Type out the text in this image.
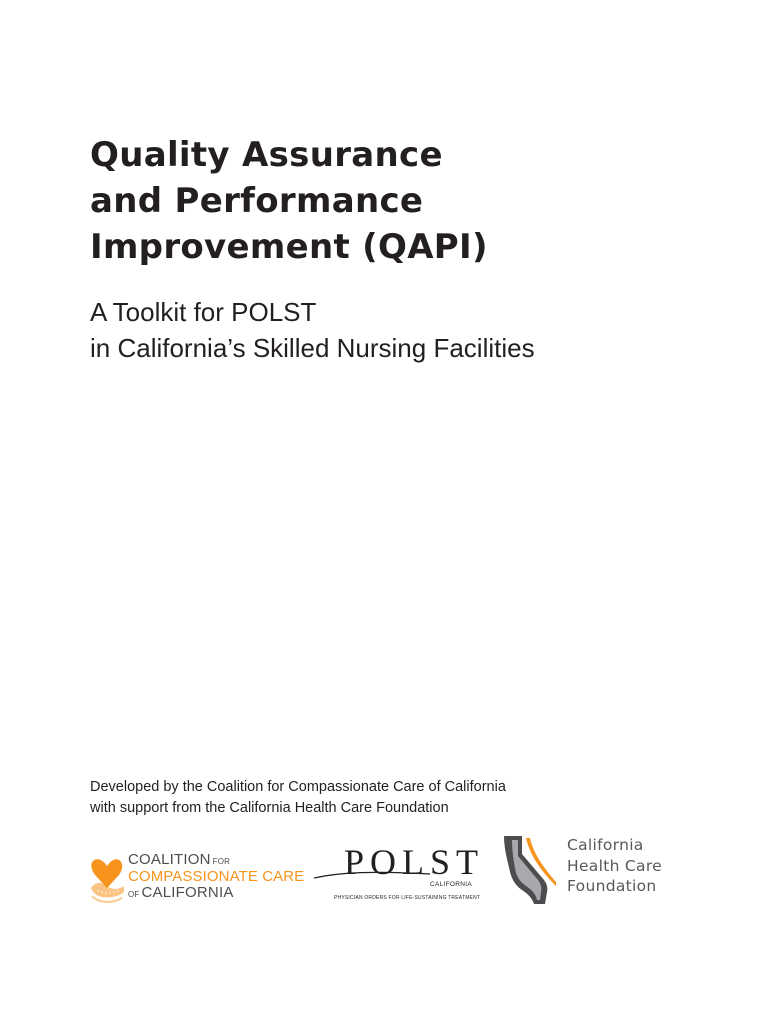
Quality Assurance
and Performance
Improvement (QAPI)
A Toolkit for POLST
in California’s Skilled Nursing Facilities
Developed by the Coalition for Compassionate Care of California
with support from the California Health Care Foundation
COALITION FOR
COMPASSIONATE CARE
OF CALIFORNIA
POLST
CALIFORNIA
PHYSICIAN ORDERS FOR LIFE-SUSTAINING TREATMENT
California
Health Care
Foundation
